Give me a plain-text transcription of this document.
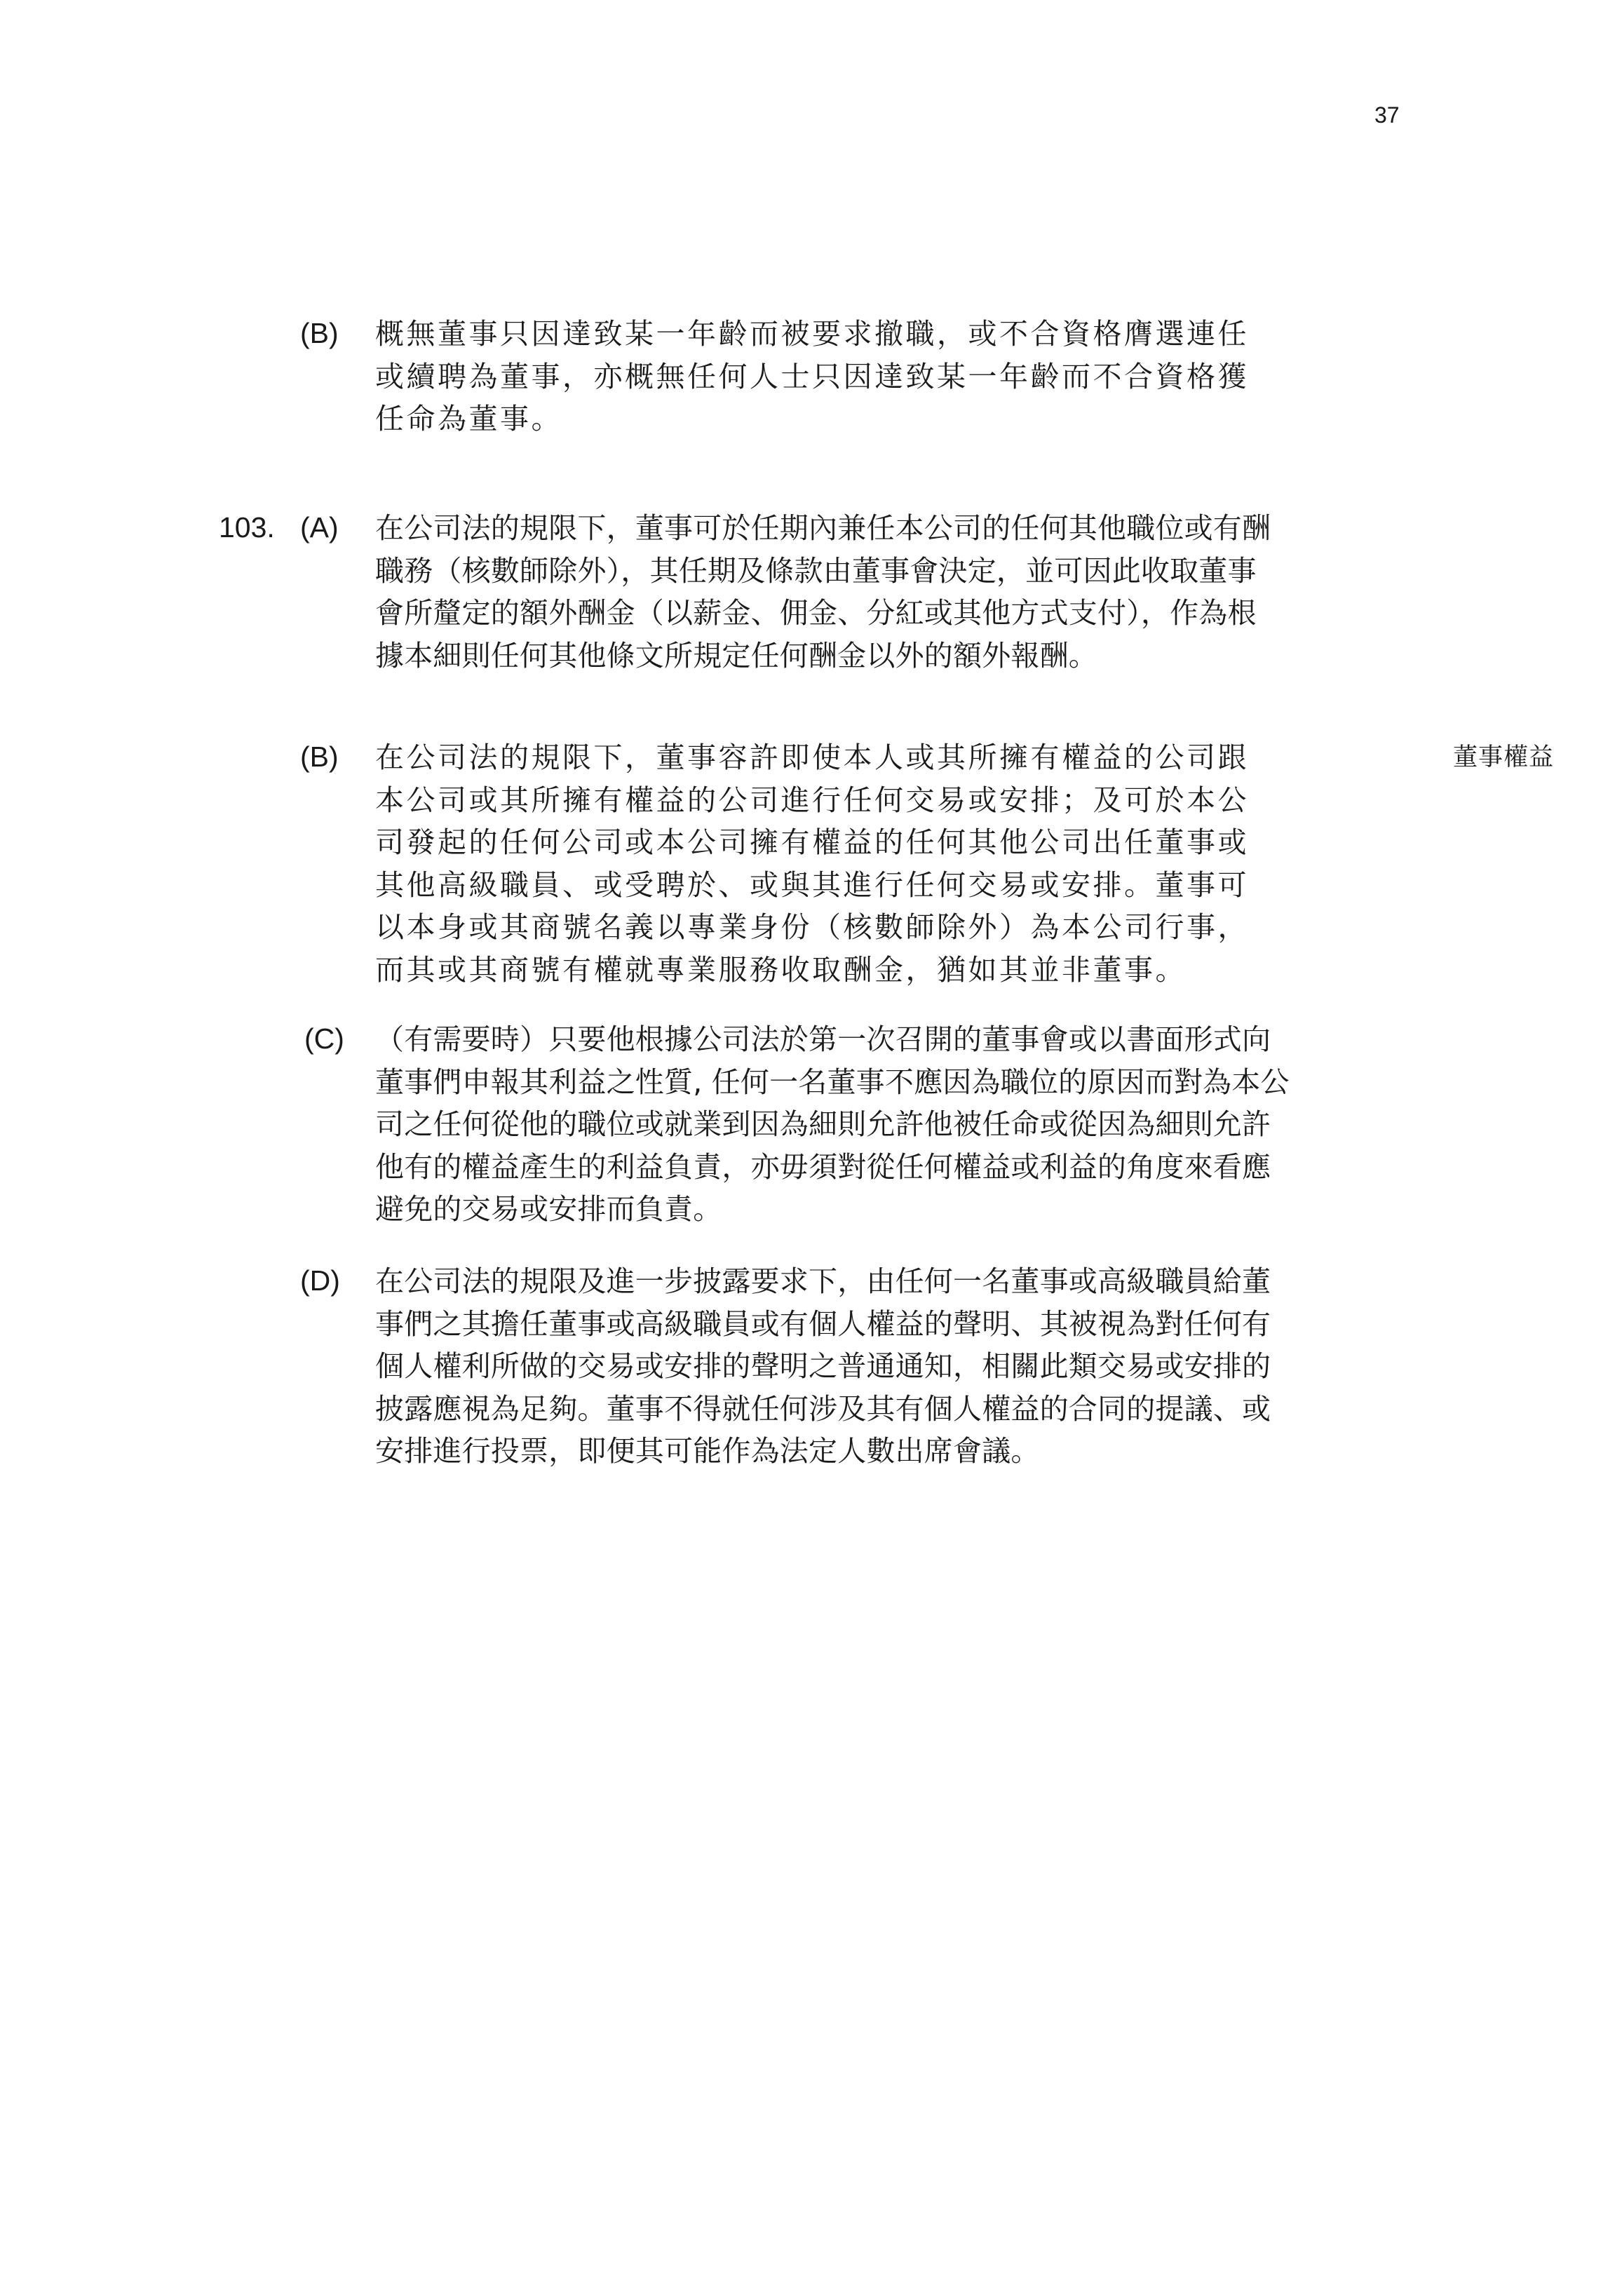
37
董事權益
(B) 概無董事只因達致某一年齡而被要求撤職，或不合資格膺選連任
或續聘為董事，亦概無任何人士只因達致某一年齡而不合資格獲
任命為董事。
103. (A) 在公司法的規限下，董事可於任期內兼任本公司的任何其他職位或有酬
職務（核數師除外），其任期及條款由董事會決定，並可因此收取董事
會所釐定的額外酬金（以薪金、佣金、分紅或其他方式支付），作為根
據本細則任何其他條文所規定任何酬金以外的額外報酬。
(B) 在公司法的規限下，董事容許即使本人或其所擁有權益的公司跟
本公司或其所擁有權益的公司進行任何交易或安排；及可於本公
司發起的任何公司或本公司擁有權益的任何其他公司出任董事或
其他高級職員、或受聘於、或與其進行任何交易或安排。董事可
以本身或其商號名義以專業身份（核數師除外）為本公司行事，
而其或其商號有權就專業服務收取酬金，猶如其並非董事。
(C) （有需要時）只要他根據公司法於第一次召開的董事會或以書面形式向
董事們申報其利益之性質, 任何一名董事不應因為職位的原因而對為本公
司之任何從他的職位或就業到因為細則允許他被任命或從因為細則允許
他有的權益產生的利益負責，亦毋須對從任何權益或利益的角度來看應
避免的交易或安排而負責。
(D) 在公司法的規限及進一步披露要求下，由任何一名董事或高級職員給董
事們之其擔任董事或高級職員或有個人權益的聲明、其被視為對任何有
個人權利所做的交易或安排的聲明之普通通知，相關此類交易或安排的
披露應視為足夠。董事不得就任何涉及其有個人權益的合同的提議、或
安排進行投票，即便其可能作為法定人數出席會議。
